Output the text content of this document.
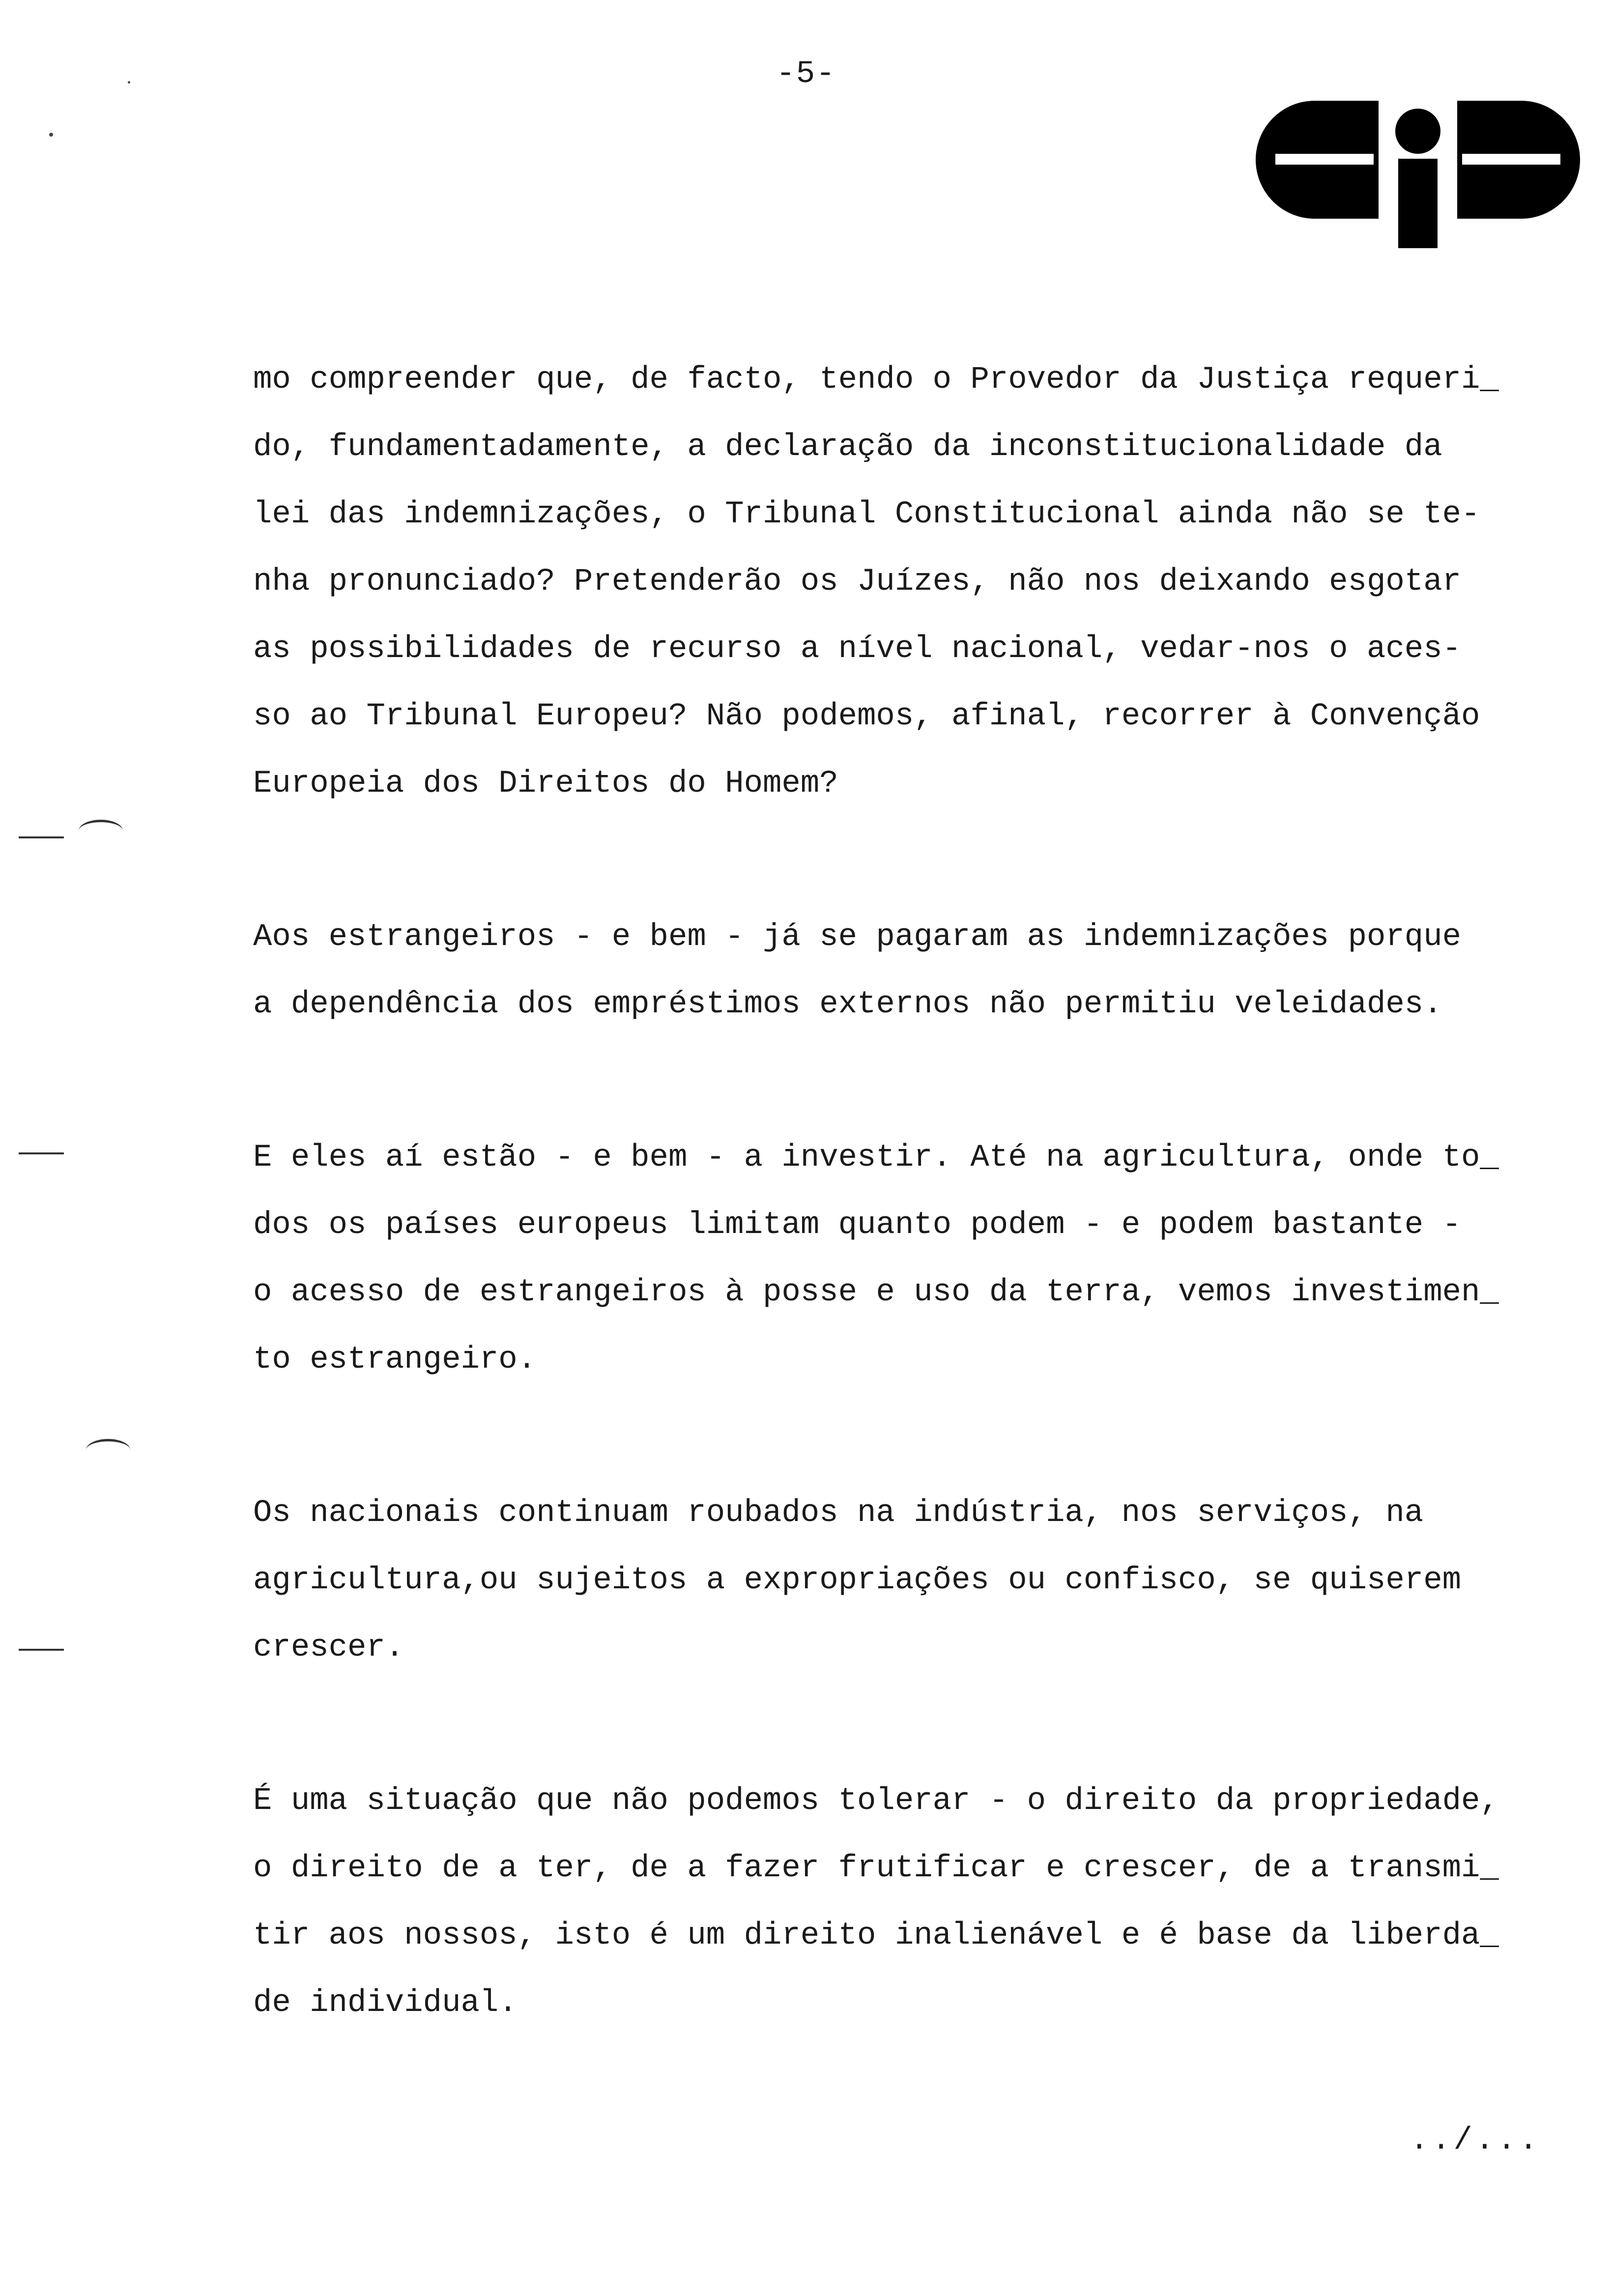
-5-
mo compreender que, de facto, tendo o Provedor da Justiça requeri_
do, fundamentadamente, a declaração da inconstitucionalidade da
lei das indemnizações, o Tribunal Constitucional ainda não se te-
nha pronunciado? Pretenderão os Juízes, não nos deixando esgotar
as possibilidades de recurso a nível nacional, vedar-nos o aces-
so ao Tribunal Europeu? Não podemos, afinal, recorrer à Convenção
Europeia dos Direitos do Homem?
Aos estrangeiros - e bem - já se pagaram as indemnizações porque
a dependência dos empréstimos externos não permitiu veleidades.
E eles aí estão - e bem - a investir. Até na agricultura, onde to_
dos os países europeus limitam quanto podem - e podem bastante -
o acesso de estrangeiros à posse e uso da terra, vemos investimen_
to estrangeiro.
Os nacionais continuam roubados na indústria, nos serviços, na
agricultura,ou sujeitos a expropriações ou confisco, se quiserem
crescer.
É uma situação que não podemos tolerar - o direito da propriedade,
o direito de a ter, de a fazer frutificar e crescer, de a transmi_
tir aos nossos, isto é um direito inalienável e é base da liberda_
de individual.
../...
